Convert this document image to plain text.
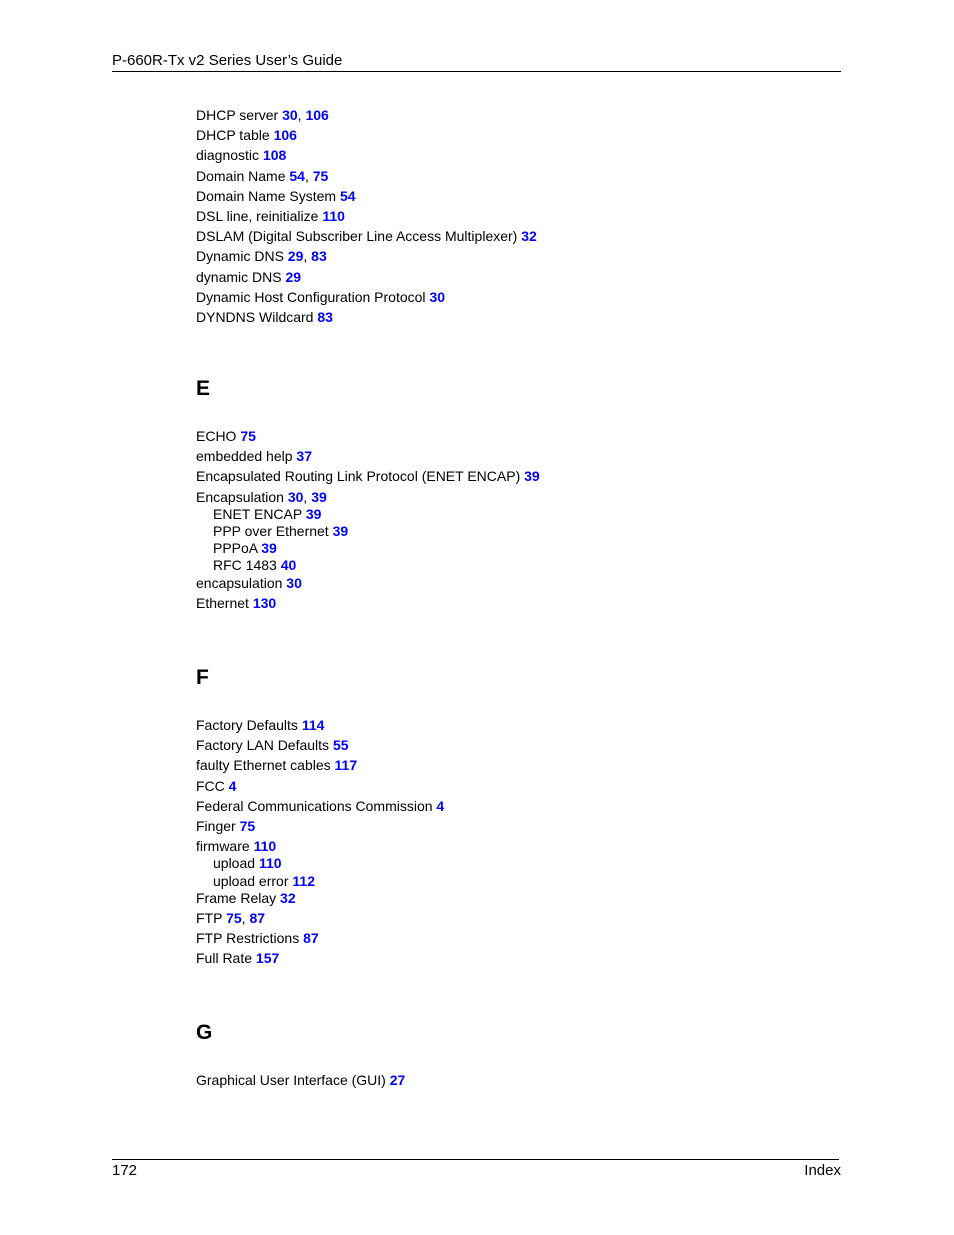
P-660R-Tx v2 Series User’s Guide
DHCP server 30, 106
DHCP table 106
diagnostic 108
Domain Name 54, 75
Domain Name System 54
DSL line, reinitialize 110
DSLAM (Digital Subscriber Line Access Multiplexer) 32
Dynamic DNS 29, 83
dynamic DNS 29
Dynamic Host Configuration Protocol 30
DYNDNS Wildcard 83
E
ECHO 75
embedded help 37
Encapsulated Routing Link Protocol (ENET ENCAP) 39
Encapsulation 30, 39
ENET ENCAP 39
PPP over Ethernet 39
PPPoA 39
RFC 1483 40
encapsulation 30
Ethernet 130
F
Factory Defaults 114
Factory LAN Defaults 55
faulty Ethernet cables 117
FCC 4
Federal Communications Commission 4
Finger 75
firmware 110
upload 110
upload error 112
Frame Relay 32
FTP 75, 87
FTP Restrictions 87
Full Rate 157
G
Graphical User Interface (GUI) 27
172	Index
